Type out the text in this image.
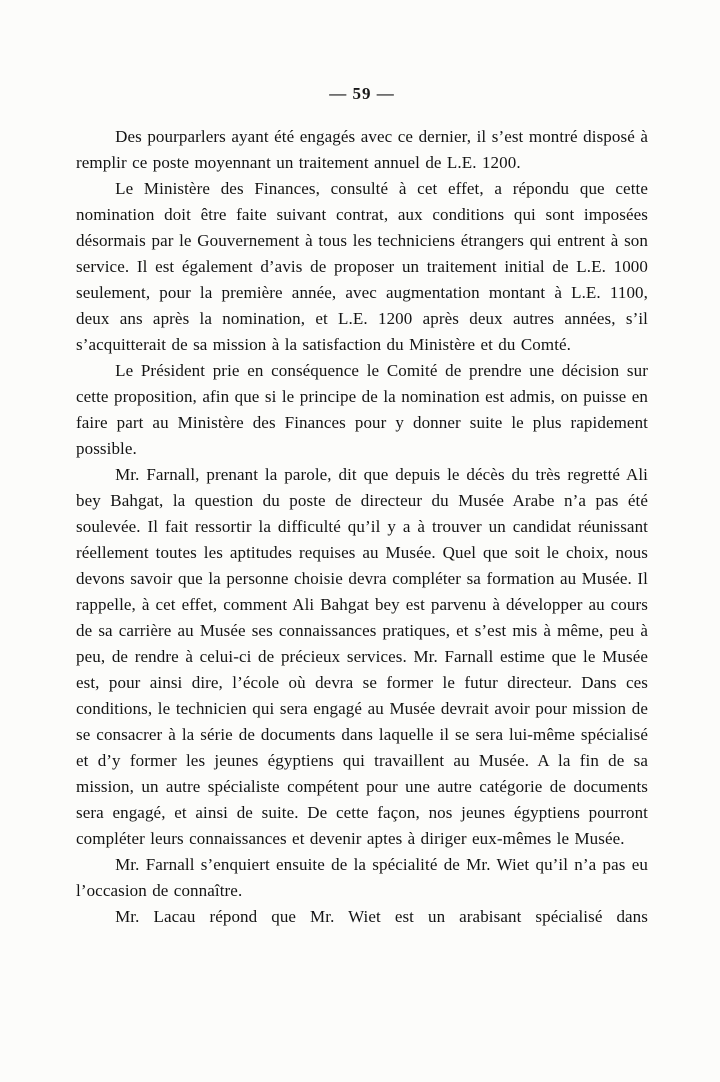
— 59 —

Des pourparlers ayant été engagés avec ce dernier, il s’est montré disposé à remplir ce poste moyennant un traitement annuel de L.E. 1200.

Le Ministère des Finances, consulté à cet effet, a répondu que cette nomination doit être faite suivant contrat, aux conditions qui sont imposées désormais par le Gouvernement à tous les techniciens étrangers qui entrent à son service. Il est également d’avis de proposer un traitement initial de L.E. 1000 seulement, pour la première année, avec augmentation montant à L.E. 1100, deux ans après la nomination, et L.E. 1200 après deux autres années, s’il s’acquitterait de sa mission à la satisfaction du Ministère et du Comté.

Le Président prie en conséquence le Comité de prendre une décision sur cette proposition, afin que si le principe de la nomination est admis, on puisse en faire part au Ministère des Finances pour y donner suite le plus rapidement possible.

Mr. Farnall, prenant la parole, dit que depuis le décès du très regretté Ali bey Bahgat, la question du poste de directeur du Musée Arabe n’a pas été soulevée. Il fait ressortir la difficulté qu’il y a à trouver un candidat réunissant réellement toutes les aptitudes requises au Musée. Quel que soit le choix, nous devons savoir que la personne choisie devra compléter sa formation au Musée. Il rappelle, à cet effet, comment Ali Bahgat bey est parvenu à développer au cours de sa carrière au Musée ses connaissances pratiques, et s’est mis à même, peu à peu, de rendre à celui-ci de précieux services. Mr. Farnall estime que le Musée est, pour ainsi dire, l’école où devra se former le futur directeur. Dans ces conditions, le technicien qui sera engagé au Musée devrait avoir pour mission de se consacrer à la série de documents dans laquelle il se sera lui-même spécialisé et d’y former les jeunes égyptiens qui travaillent au Musée. A la fin de sa mission, un autre spécialiste compétent pour une autre catégorie de documents sera engagé, et ainsi de suite. De cette façon, nos jeunes égyptiens pourront compléter leurs connaissances et devenir aptes à diriger eux-mêmes le Musée.

Mr. Farnall s’enquiert ensuite de la spécialité de Mr. Wiet qu’il n’a pas eu l’occasion de connaître.

Mr. Lacau répond que Mr. Wiet est un arabisant spécialisé dans
